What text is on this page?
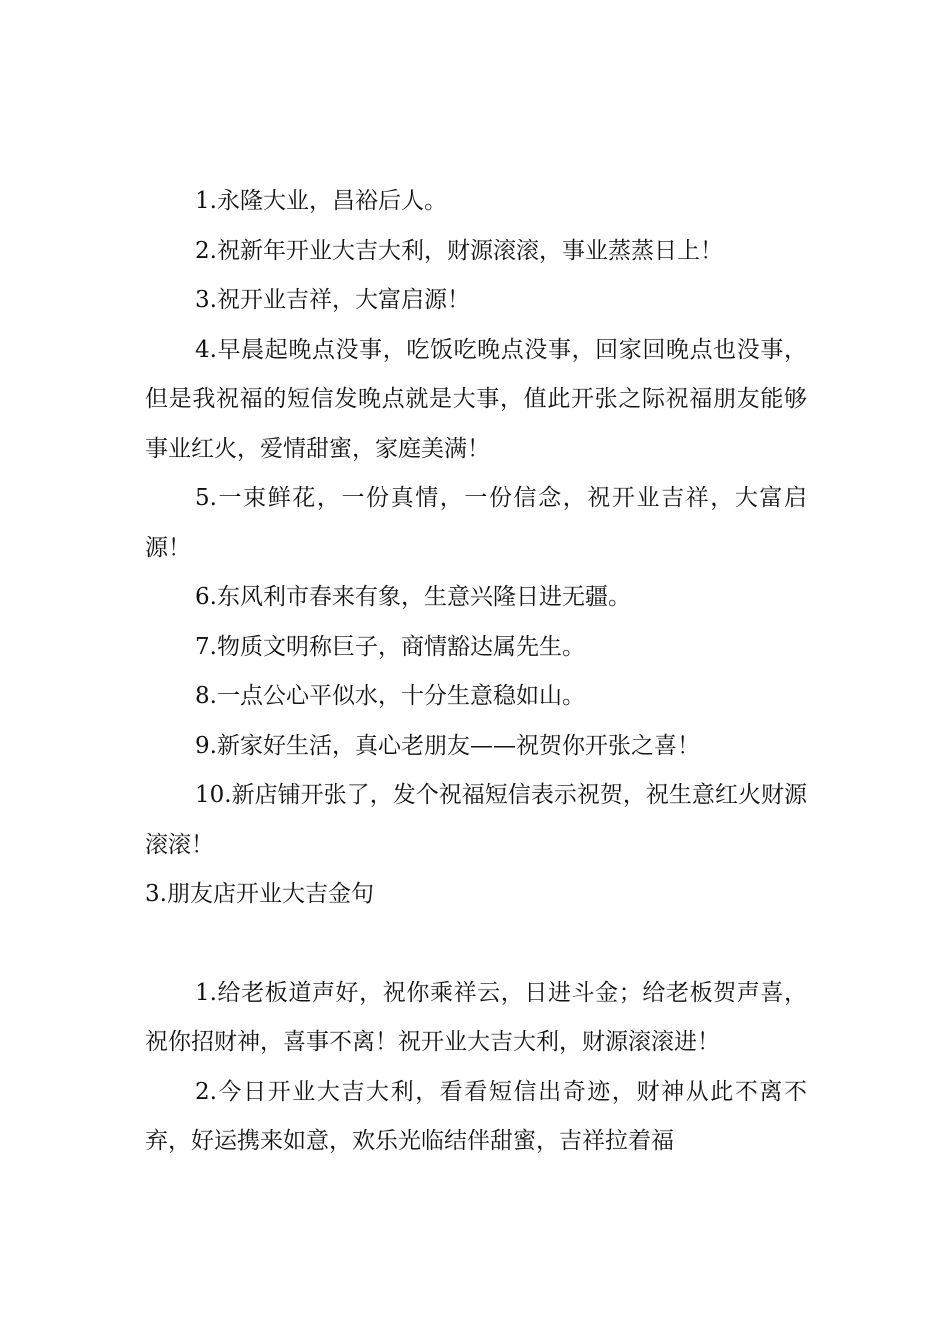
1.永隆大业，昌裕后人。

2.祝新年开业大吉大利，财源滚滚，事业蒸蒸日上！

3.祝开业吉祥，大富启源！

4.早晨起晚点没事，吃饭吃晚点没事，回家回晚点也没事，但是我祝福的短信发晚点就是大事，值此开张之际祝福朋友能够事业红火，爱情甜蜜，家庭美满！

5.一束鲜花，一份真情，一份信念，祝开业吉祥，大富启源！

6.东风利市春来有象，生意兴隆日进无疆。

7.物质文明称巨子，商情豁达属先生。

8.一点公心平似水，十分生意稳如山。

9.新家好生活，真心老朋友——祝贺你开张之喜！

10.新店铺开张了，发个祝福短信表示祝贺，祝生意红火财源滚滚！

3.朋友店开业大吉金句

1.给老板道声好，祝你乘祥云，日进斗金；给老板贺声喜，祝你招财神，喜事不离！祝开业大吉大利，财源滚滚进！

2.今日开业大吉大利，看看短信出奇迹，财神从此不离不弃，好运携来如意，欢乐光临结伴甜蜜，吉祥拉着福
